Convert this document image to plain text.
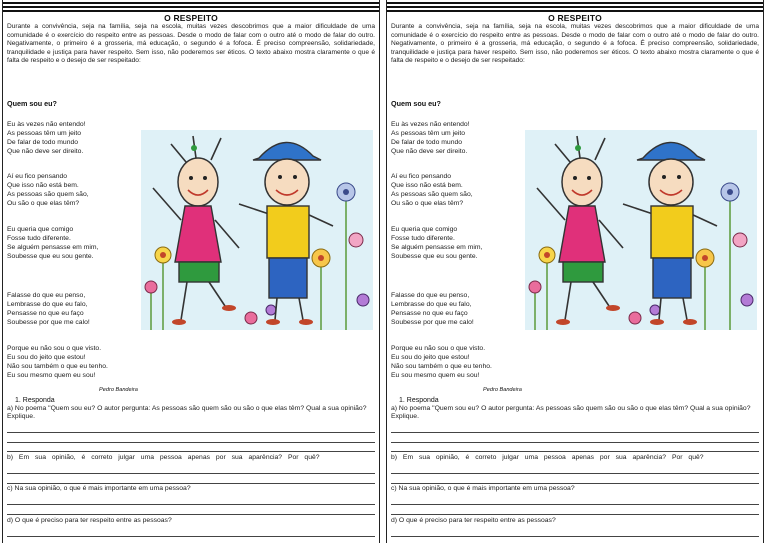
O RESPEITO
Durante a convivência, seja na família, seja na escola, muitas vezes descobrimos que a maior dificuldade de uma comunidade é o exercício do respeito entre as pessoas. Desde o modo de falar com o outro até o modo de falar do outro. Negativamente, o primeiro é a grosseria, má educação, o segundo é a fofoca. É preciso compreensão, solidariedade, tranquilidade e justiça para haver respeito. Sem isso, não poderemos ser éticos. O texto abaixo mostra claramente o que é falta de respeito e o desejo de ser respeitado:
Quem sou eu?
Eu às vezes não entendo!
As pessoas têm um jeito
De falar de todo mundo
Que não deve ser direito.
Aí eu fico pensando
Que isso não está bem.
As pessoas são quem são,
Ou são o que elas têm?
Eu queria que comigo
Fosse tudo diferente.
Se alguém pensasse em mim,
Soubesse que eu sou gente.
Falasse do que eu penso,
Lembrasse do que eu falo,
Pensasse no que eu faço
Soubesse por que me calo!
Porque eu não sou o que visto.
Eu sou do jeito que estou!
Não sou também o que eu tenho.
Eu sou mesmo quem eu sou!
Pedro Bandeira
1. Responda
a) No poema "Quem sou eu? O autor pergunta: As pessoas são quem são ou são o que elas têm? Qual a sua opinião? Explique.
b) Em sua opinião, é correto julgar uma pessoa apenas por sua aparência? Por quê?
c) Na sua opinião, o que é mais importante em uma pessoa?
d) O que é preciso para ter respeito entre as pessoas?
O RESPEITO
Durante a convivência, seja na família, seja na escola, muitas vezes descobrimos que a maior dificuldade de uma comunidade é o exercício do respeito entre as pessoas. Desde o modo de falar com o outro até o modo de falar do outro. Negativamente, o primeiro é a grosseria, má educação, o segundo é a fofoca. É preciso compreensão, solidariedade, tranquilidade e justiça para haver respeito. Sem isso, não poderemos ser éticos. O texto abaixo mostra claramente o que é falta de respeito e o desejo de ser respeitado:
Quem sou eu?
Eu às vezes não entendo!
As pessoas têm um jeito
De falar de todo mundo
Que não deve ser direito.
Aí eu fico pensando
Que isso não está bem.
As pessoas são quem são,
Ou são o que elas têm?
Eu queria que comigo
Fosse tudo diferente.
Se alguém pensasse em mim,
Soubesse que eu sou gente.
Falasse do que eu penso,
Lembrasse do que eu falo,
Pensasse no que eu faço
Soubesse por que me calo!
Porque eu não sou o que visto.
Eu sou do jeito que estou!
Não sou também o que eu tenho.
Eu sou mesmo quem eu sou!
Pedro Bandeira
1. Responda
a) No poema "Quem sou eu? O autor pergunta: As pessoas são quem são ou são o que elas têm? Qual a sua opinião? Explique.
b) Em sua opinião, é correto julgar uma pessoa apenas por sua aparência? Por quê?
c) Na sua opinião, o que é mais importante em uma pessoa?
d) O que é preciso para ter respeito entre as pessoas?
